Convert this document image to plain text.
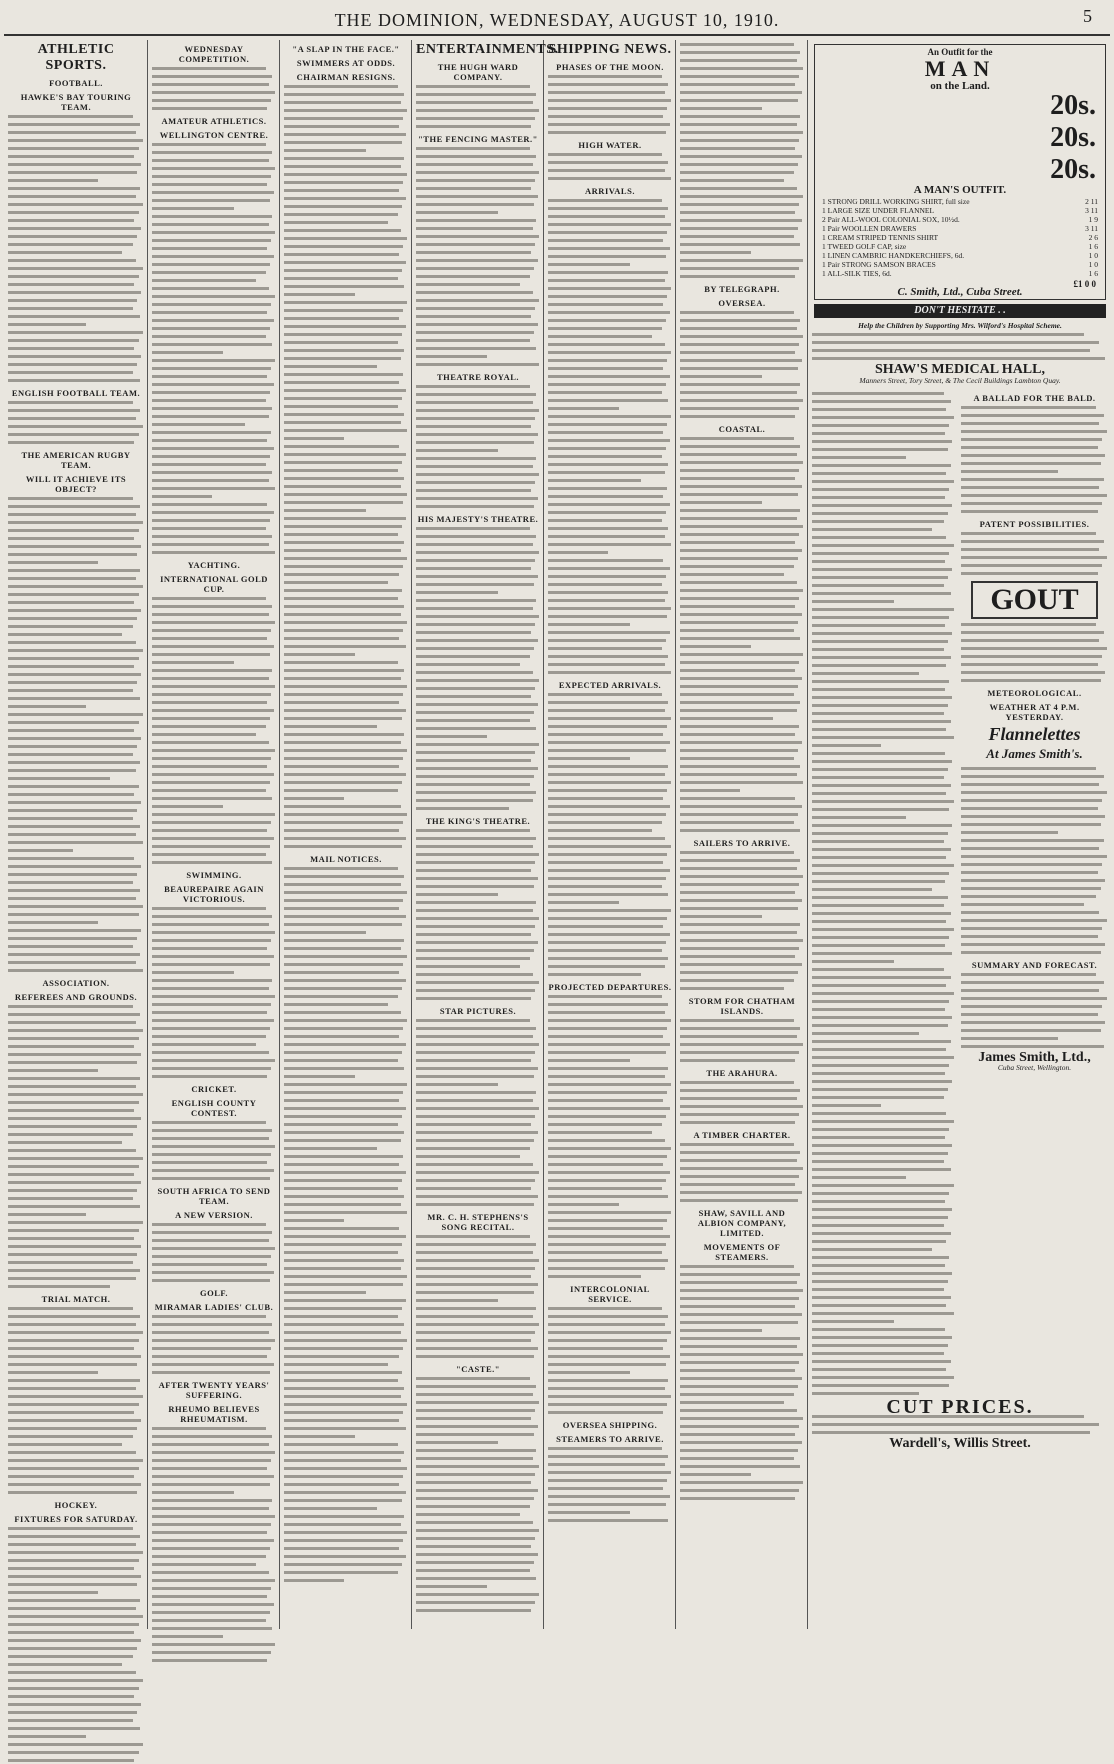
THE DOMINION, WEDNESDAY, AUGUST 10, 1910.	5
ATHLETIC SPORTS.
FOOTBALL.
HAWKE'S BAY TOURING TEAM.
ENGLISH FOOTBALL TEAM.
THE AMERICAN RUGBY TEAM.
WILL IT ACHIEVE ITS OBJECT?
ASSOCIATION.
REFEREES AND GROUNDS.
TRIAL MATCH.
HOCKEY.
FIXTURES FOR SATURDAY.
WEDNESDAY COMPETITION.
AMATEUR ATHLETICS.
WELLINGTON CENTRE.
YACHTING.
INTERNATIONAL GOLD CUP.
SWIMMING.
BEAUREPAIRE AGAIN VICTORIOUS.
CRICKET.
ENGLISH COUNTY CONTEST.
SOUTH AFRICA TO SEND TEAM.
A NEW VERSION.
GOLF.
MIRAMAR LADIES' CLUB.
AFTER TWENTY YEARS' SUFFERING.
RHEUMO BELIEVES RHEUMATISM.
"A SLAP IN THE FACE."
SWIMMERS AT ODDS.
CHAIRMAN RESIGNS.
MAIL NOTICES.
ENTERTAINMENTS.
THE HUGH WARD COMPANY.
"THE FENCING MASTER."
THEATRE ROYAL.
HIS MAJESTY'S THEATRE.
THE KING'S THEATRE.
STAR PICTURES.
MR. C. H. STEPHENS'S SONG RECITAL.
"CASTE."
SHIPPING NEWS.
PHASES OF THE MOON.
HIGH WATER.
ARRIVALS.
EXPECTED ARRIVALS.
PROJECTED DEPARTURES.
INTERCOLONIAL SERVICE.
OVERSEA SHIPPING.
STEAMERS TO ARRIVE.
BY TELEGRAPH.
OVERSEA.
COASTAL.
SAILERS TO ARRIVE.
STORM FOR CHATHAM ISLANDS.
THE ARAHURA.
A TIMBER CHARTER.
SHAW, SAVILL AND ALBION COMPANY, LIMITED.
MOVEMENTS OF STEAMERS.
An Outfit for the
MAN
on the Land.
20s.
20s.
20s.
A MAN'S OUTFIT.
1 STRONG DRILL WORKING SHIRT, full size	2 11
1 LARGE SIZE UNDER FLANNEL	3 11
2 Pair ALL-WOOL COLONIAL SOX, 10½d.	1 9
1 Pair WOOLLEN DRAWERS	3 11
1 CREAM STRIPED TENNIS SHIRT	2 6
1 TWEED GOLF CAP, size	1 6
1 LINEN CAMBRIC HANDKERCHIEFS, 6d.	1 0
1 Pair STRONG SAMSON BRACES	1 0
1 ALL-SILK TIES, 6d.	1 6
£1 0 0
C. Smith, Ltd., Cuba Street.
DON'T HESITATE . .
Help the Children by Supporting Mrs. Wilford's Hospital Scheme.
SHAW'S MEDICAL HALL,
Manners Street, Tory Street, & The Cecil Buildings Lambton Quay.
A BALLAD FOR THE BALD.
PATENT POSSIBILITIES.
GOUT
METEOROLOGICAL.
WEATHER AT 4 P.M. YESTERDAY.
Flannelettes
At James Smith's.
SUMMARY AND FORECAST.
James Smith, Ltd.,
Cuba Street, Wellington.
CUT PRICES.
Wardell's, Willis Street.
